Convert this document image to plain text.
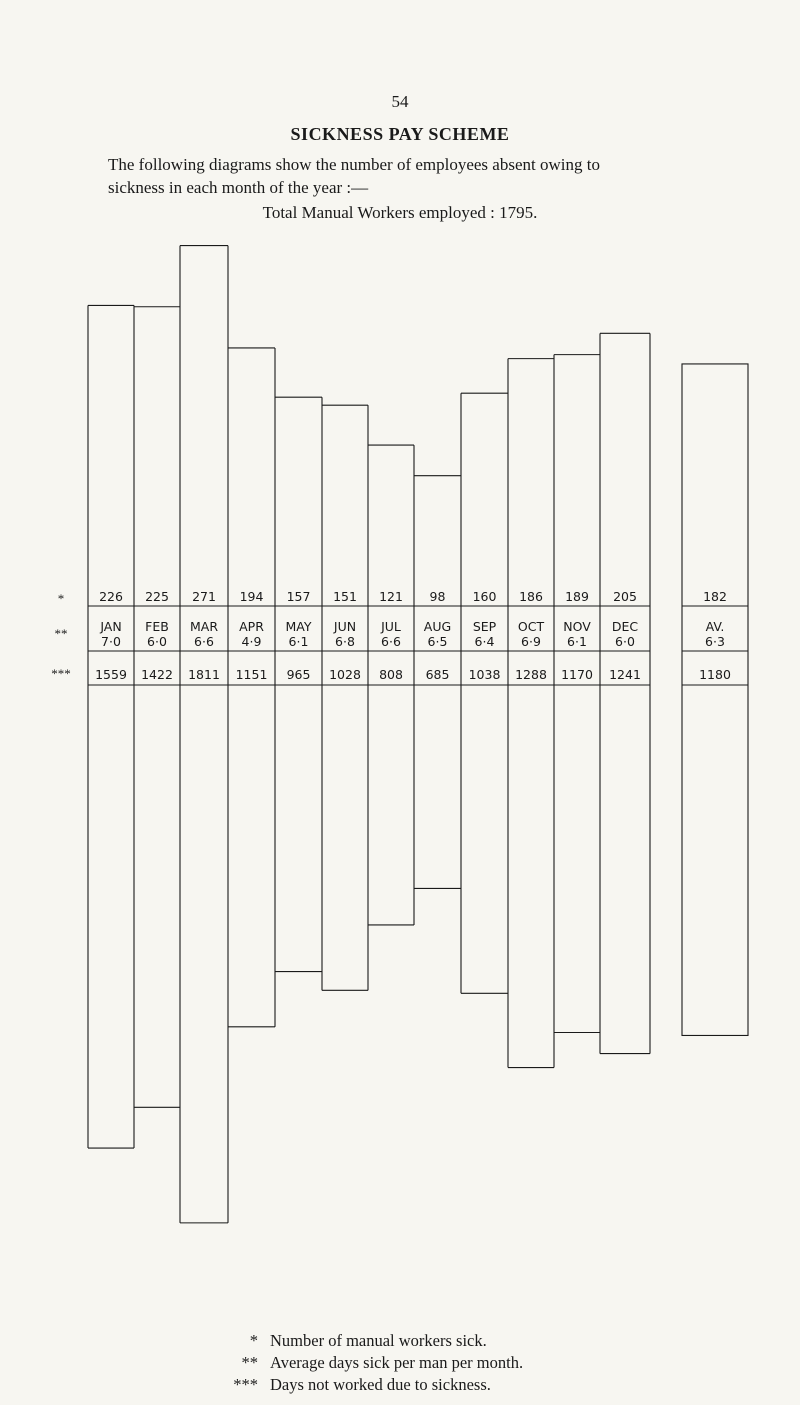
54
SICKNESS PAY SCHEME
The following diagrams show the number of employees absent owing to
sickness in each month of the year :—
Total Manual Workers employed : 1795.
226
JAN
7·0
1559
225
FEB
6·0
1422
271
MAR
6·6
1811
194
APR
4·9
1151
157
MAY
6·1
965
151
JUN
6·8
1028
121
JUL
6·6
808
98
AUG
6·5
685
160
SEP
6·4
1038
186
OCT
6·9
1288
189
NOV
6·1
1170
205
DEC
6·0
1241
182
AV.
6·3
1180
*
**
***
* Number of manual workers sick.
** Average days sick per man per month.
*** Days not worked due to sickness.
